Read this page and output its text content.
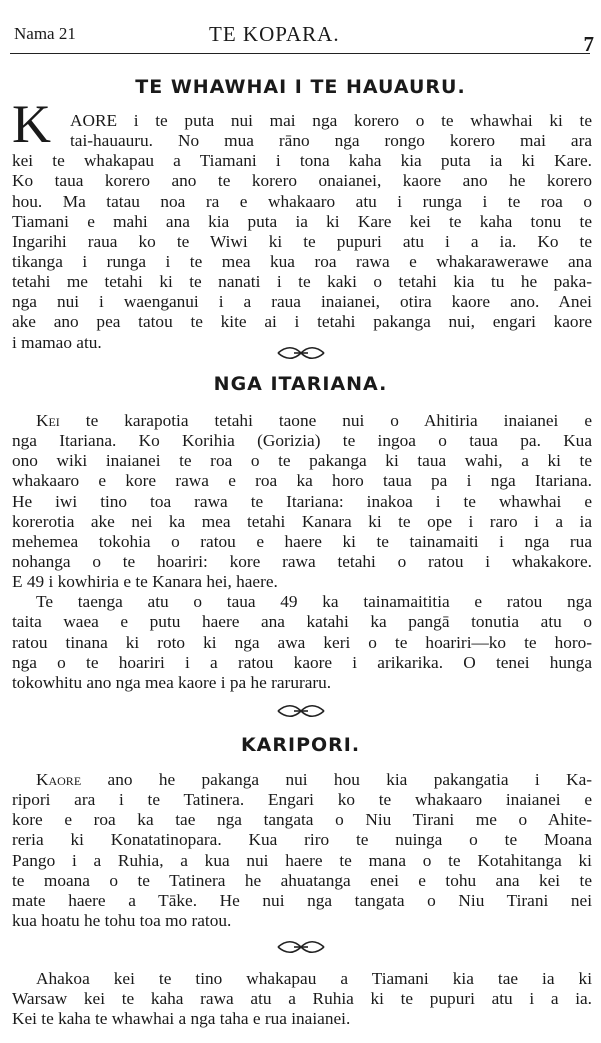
Nama 21	TE KOPARA.	7
TE WHAWHAI I TE HAUAURU.
K	AORE i te puta nui mai nga korero o te whawhai ki te
tai-hauauru. No mua rāno nga rongo korero mai ara
kei te whakapau a Tiamani i tona kaha kia puta ia ki Kare.
Ko taua korero ano te korero onaianei, kaore ano he korero
hou. Ma tatau noa ra e whakaaro atu i runga i te roa o
Tiamani e mahi ana kia puta ia ki Kare kei te kaha tonu te
Ingarihi raua ko te Wiwi ki te pupuri atu i a ia. Ko te
tikanga i runga i te mea kua roa rawa e whakarawerawe ana
tetahi me tetahi ki te nanati i te kaki o tetahi kia tu he paka-
nga nui i waenganui i a raua inaianei, otira kaore ano. Anei
ake ano pea tatou te kite ai i tetahi pakanga nui, engari kaore
i mamao atu.
NGA ITARIANA.
Kei te karapotia tetahi taone nui o Ahitiria inaianei e
nga Itariana. Ko Korihia (Gorizia) te ingoa o taua pa. Kua
ono wiki inaianei te roa o te pakanga ki taua wahi, a ki te
whakaaro e kore rawa e roa ka horo taua pa i nga Itariana.
He iwi tino toa rawa te Itariana: inakoa i te whawhai e
korerotia ake nei ka mea tetahi Kanara ki te ope i raro i a ia
mehemea tokohia o ratou e haere ki te tainamaiti i nga rua
nohanga o te hoariri: kore rawa tetahi o ratou i whakakore.
E 49 i kowhiria e te Kanara hei, haere.
Te taenga atu o taua 49 ka tainamaititia e ratou nga
taita waea e putu haere ana katahi ka pangā tonutia atu o
ratou tinana ki roto ki nga awa keri o te hoariri—ko te horo-
nga o te hoariri i a ratou kaore i arikarika. O tenei hunga
tokowhitu ano nga mea kaore i pa he raruraru.
KARIPORI.
Kaore ano he pakanga nui hou kia pakangatia i Ka-
ripori ara i te Tatinera. Engari ko te whakaaro inaianei e
kore e roa ka tae nga tangata o Niu Tirani me o Ahite-
reria ki Konatatinopara. Kua riro te nuinga o te Moana
Pango i a Ruhia, a kua nui haere te mana o te Kotahitanga ki
te moana o te Tatinera he ahuatanga enei e tohu ana kei te
mate haere a Tāke. He nui nga tangata o Niu Tirani nei
kua hoatu he tohu toa mo ratou.
Ahakoa kei te tino whakapau a Tiamani kia tae ia ki
Warsaw kei te kaha rawa atu a Ruhia ki te pupuri atu i a ia.
Kei te kaha te whawhai a nga taha e rua inaianei.
